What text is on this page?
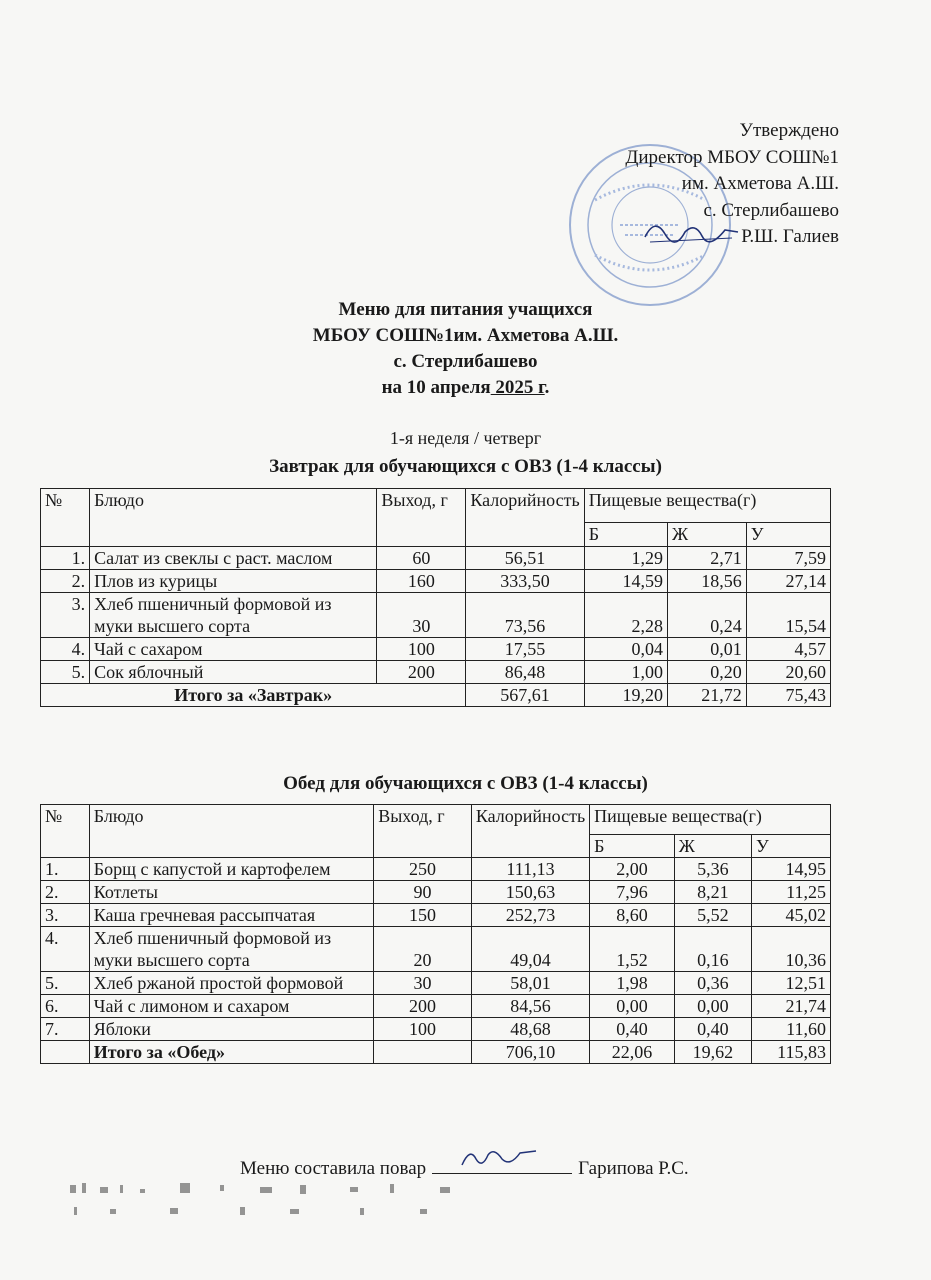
Утверждено
Директор МБОУ СОШ№1
им. Ахметова А.Ш.
с. Стерлибашево
Р.Ш. Галиев
Меню для питания учащихся
МБОУ СОШ№1им. Ахметова А.Ш.
с. Стерлибашево
на 10 апреля 2025 г.
1-я неделя / четверг
Завтрак для обучающихся с ОВЗ (1-4 классы)
№	Блюдо	Выход, г	Калорийность	Пищевые вещества(г)		
				Б	Ж	У
1.	Салат из свеклы с раст. маслом	60	56,51	1,29	2,71	7,59
2.	Плов из курицы	160	333,50	14,59	18,56	27,14
3.	Хлеб пшеничный формовой из муки высшего сорта	30	73,56	2,28	0,24	15,54
4.	Чай с сахаром	100	17,55	0,04	0,01	4,57
5.	Сок яблочный	200	86,48	1,00	0,20	20,60
Итого за «Завтрак»			567,61	19,20	21,72	75,43
Обед для обучающихся с ОВЗ (1-4 классы)
№	Блюдо	Выход, г	Калорийность	Пищевые вещества(г)		
				Б	Ж	У
1.	Борщ с капустой и картофелем	250	111,13	2,00	5,36	14,95
2.	Котлеты	90	150,63	7,96	8,21	11,25
3.	Каша гречневая рассыпчатая	150	252,73	8,60	5,52	45,02
4.	Хлеб пшеничный формовой из муки высшего сорта	20	49,04	1,52	0,16	10,36
5.	Хлеб ржаной простой формовой	30	58,01	1,98	0,36	12,51
6.	Чай с лимоном и сахаром	200	84,56	0,00	0,00	21,74
7.	Яблоки	100	48,68	0,40	0,40	11,60
	Итого за «Обед»		706,10	22,06	19,62	115,83
Меню составила повар	Гарипова Р.С.
